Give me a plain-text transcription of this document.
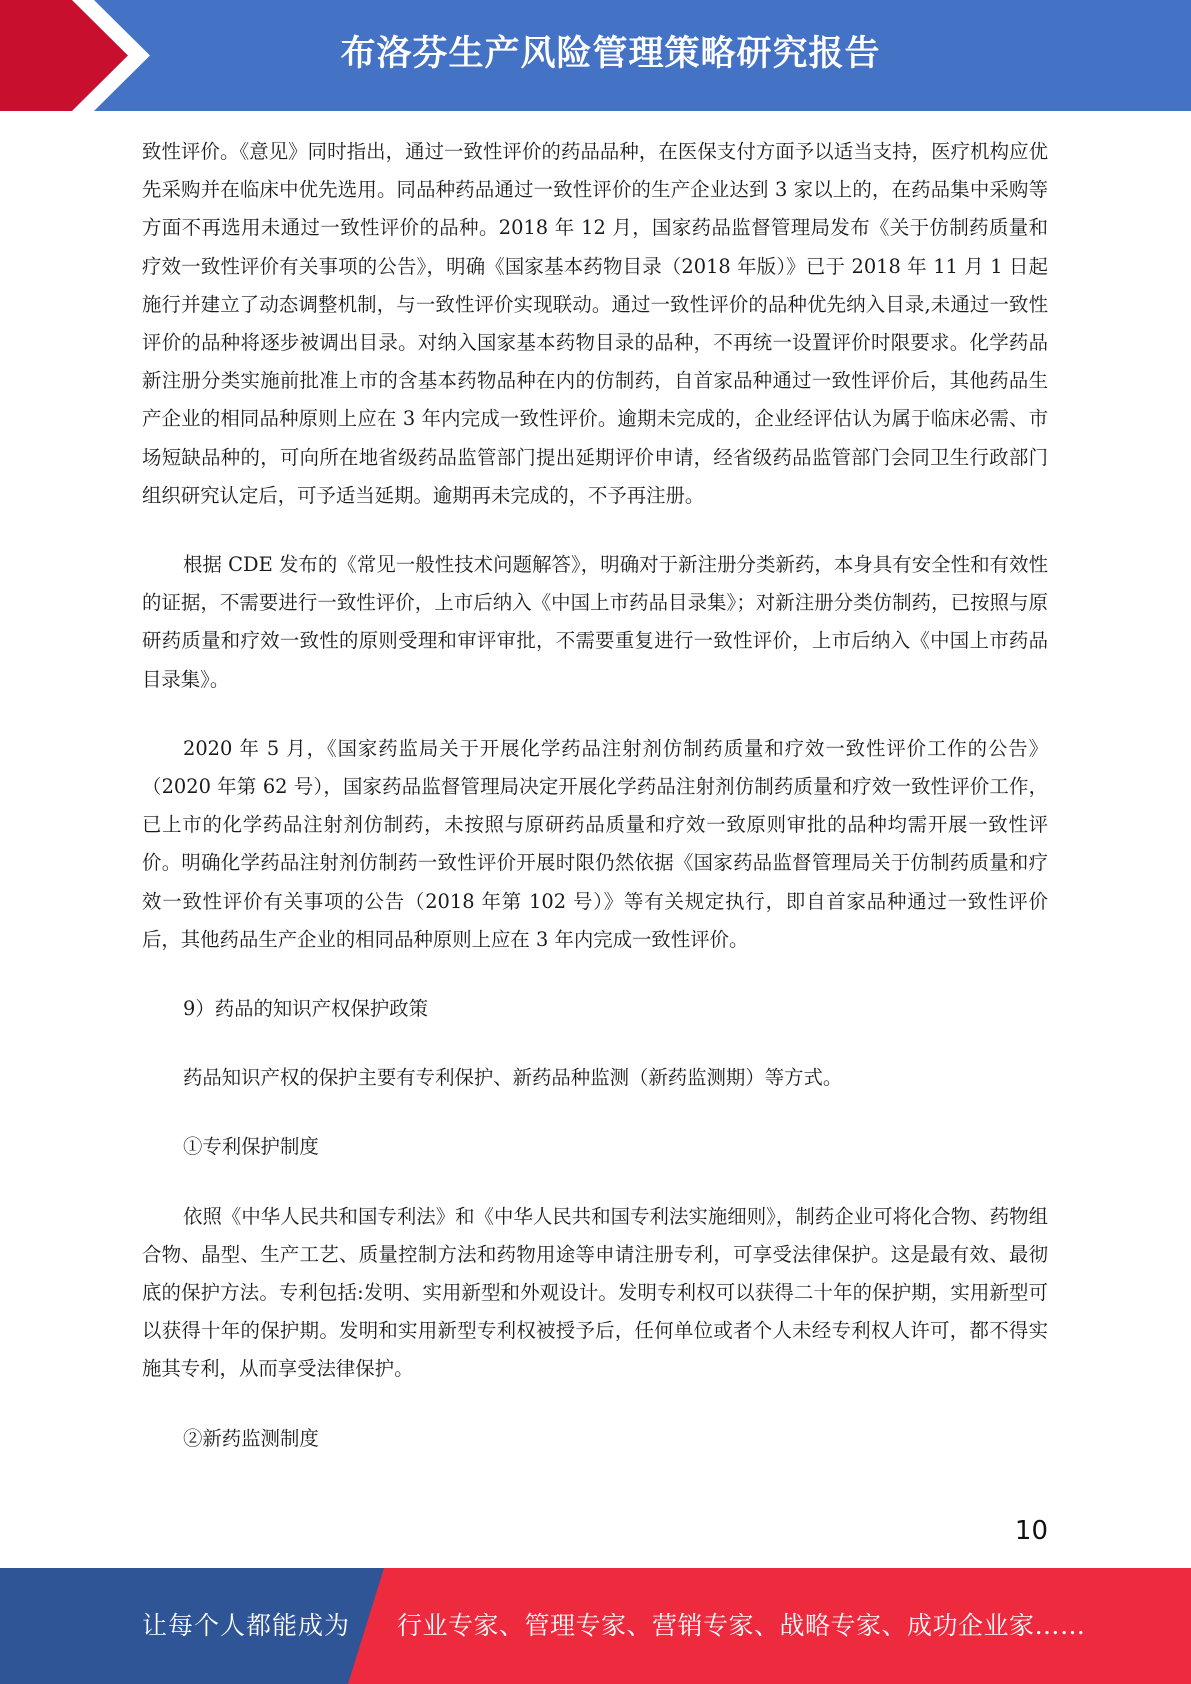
布洛芬生产风险管理策略研究报告

致性评价。《意见》同时指出，通过一致性评价的药品品种，在医保支付方面予以适当支持，医疗机构应优先采购并在临床中优先选用。同品种药品通过一致性评价的生产企业达到 3 家以上的，在药品集中采购等方面不再选用未通过一致性评价的品种。2018 年 12 月，国家药品监督管理局发布《关于仿制药质量和疗效一致性评价有关事项的公告》，明确《国家基本药物目录（2018 年版）》已于 2018 年 11 月 1 日起施行并建立了动态调整机制，与一致性评价实现联动。通过一致性评价的品种优先纳入目录,未通过一致性评价的品种将逐步被调出目录。对纳入国家基本药物目录的品种，不再统一设置评价时限要求。化学药品新注册分类实施前批准上市的含基本药物品种在内的仿制药，自首家品种通过一致性评价后，其他药品生产企业的相同品种原则上应在 3 年内完成一致性评价。逾期未完成的，企业经评估认为属于临床必需、市场短缺品种的，可向所在地省级药品监管部门提出延期评价申请，经省级药品监管部门会同卫生行政部门组织研究认定后，可予适当延期。逾期再未完成的，不予再注册。

根据 CDE 发布的《常见一般性技术问题解答》，明确对于新注册分类新药，本身具有安全性和有效性的证据，不需要进行一致性评价，上市后纳入《中国上市药品目录集》；对新注册分类仿制药，已按照与原研药质量和疗效一致性的原则受理和审评审批，不需要重复进行一致性评价，上市后纳入《中国上市药品目录集》。

2020 年 5 月，《国家药监局关于开展化学药品注射剂仿制药质量和疗效一致性评价工作的公告》（2020 年第 62 号），国家药品监督管理局决定开展化学药品注射剂仿制药质量和疗效一致性评价工作，已上市的化学药品注射剂仿制药，未按照与原研药品质量和疗效一致原则审批的品种均需开展一致性评价。明确化学药品注射剂仿制药一致性评价开展时限仍然依据《国家药品监督管理局关于仿制药质量和疗效一致性评价有关事项的公告（2018 年第 102 号）》等有关规定执行，即自首家品种通过一致性评价后，其他药品生产企业的相同品种原则上应在 3 年内完成一致性评价。

9）药品的知识产权保护政策

药品知识产权的保护主要有专利保护、新药品种监测（新药监测期）等方式。

①专利保护制度

依照《中华人民共和国专利法》和《中华人民共和国专利法实施细则》，制药企业可将化合物、药物组合物、晶型、生产工艺、质量控制方法和药物用途等申请注册专利，可享受法律保护。这是最有效、最彻底的保护方法。专利包括:发明、实用新型和外观设计。发明专利权可以获得二十年的保护期，实用新型可以获得十年的保护期。发明和实用新型专利权被授予后，任何单位或者个人未经专利权人许可，都不得实施其专利，从而享受法律保护。

②新药监测制度

10
让每个人都能成为 行业专家、管理专家、营销专家、战略专家、成功企业家……
